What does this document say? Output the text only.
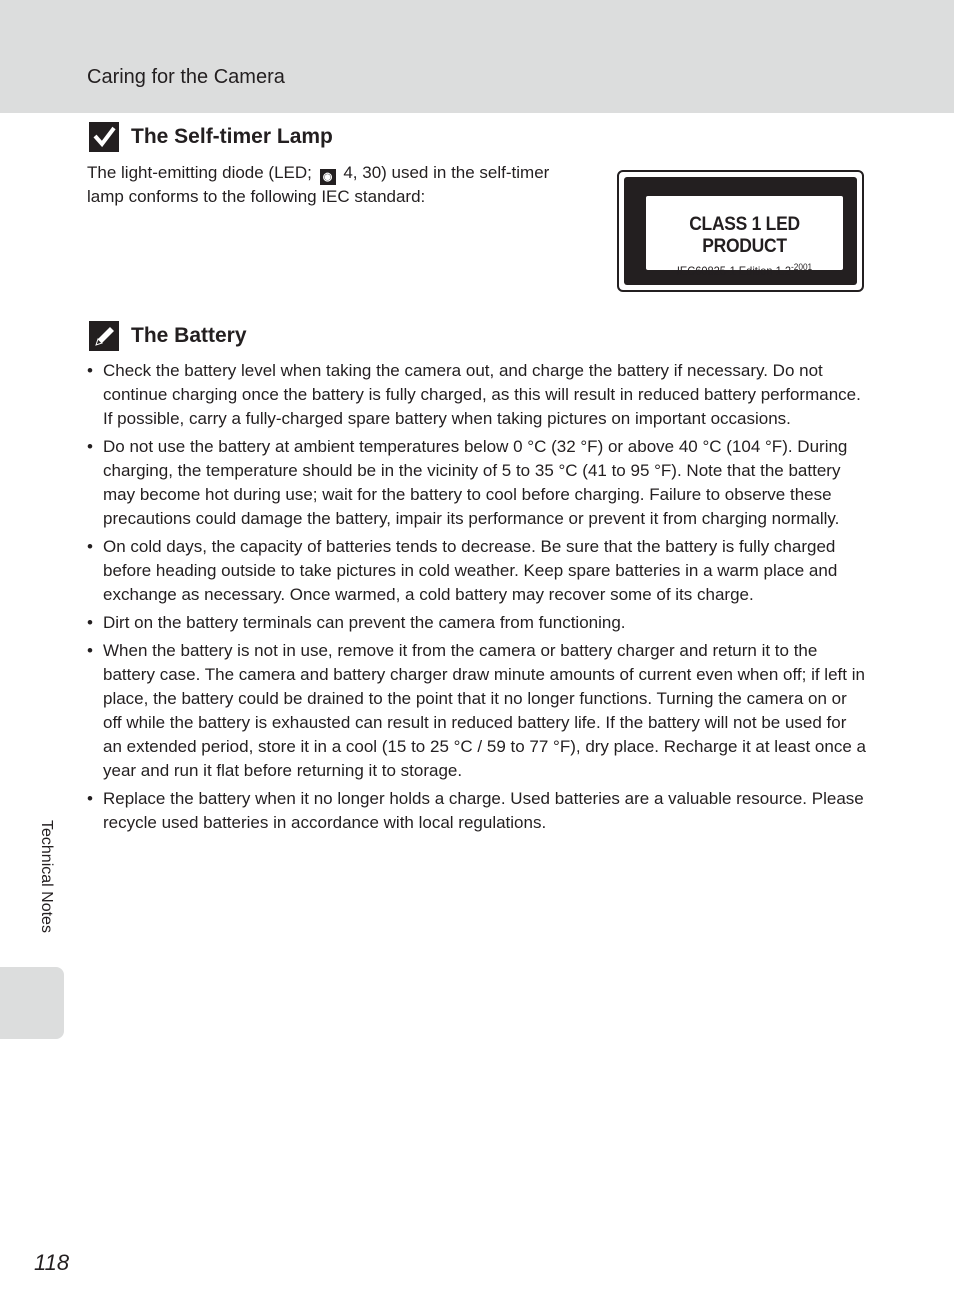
Caring for the Camera
The Self-timer Lamp
The light-emitting diode (LED; ◉ 4, 30) used in the self-timer lamp conforms to the following IEC standard:
CLASS 1 LED PRODUCT
IEC60825-1 Edition $1.2^{-2001}$
The Battery
• Check the battery level when taking the camera out, and charge the battery if necessary. Do not continue charging once the battery is fully charged, as this will result in reduced battery performance. If possible, carry a fully-charged spare battery when taking pictures on important occasions.
• Do not use the battery at ambient temperatures below 0 °C (32 °F) or above 40 °C (104 °F). During charging, the temperature should be in the vicinity of 5 to 35 °C (41 to 95 °F). Note that the battery may become hot during use; wait for the battery to cool before charging. Failure to observe these precautions could damage the battery, impair its performance or prevent it from charging normally.
• On cold days, the capacity of batteries tends to decrease. Be sure that the battery is fully charged before heading outside to take pictures in cold weather. Keep spare batteries in a warm place and exchange as necessary. Once warmed, a cold battery may recover some of its charge.
• Dirt on the battery terminals can prevent the camera from functioning.
• When the battery is not in use, remove it from the camera or battery charger and return it to the battery case. The camera and battery charger draw minute amounts of current even when off; if left in place, the battery could be drained to the point that it no longer functions. Turning the camera on or off while the battery is exhausted can result in reduced battery life. If the battery will not be used for an extended period, store it in a cool (15 to 25 °C / 59 to 77 °F), dry place. Recharge it at least once a year and run it flat before returning it to storage.
• Replace the battery when it no longer holds a charge. Used batteries are a valuable resource. Please recycle used batteries in accordance with local regulations.
Technical Notes
118
